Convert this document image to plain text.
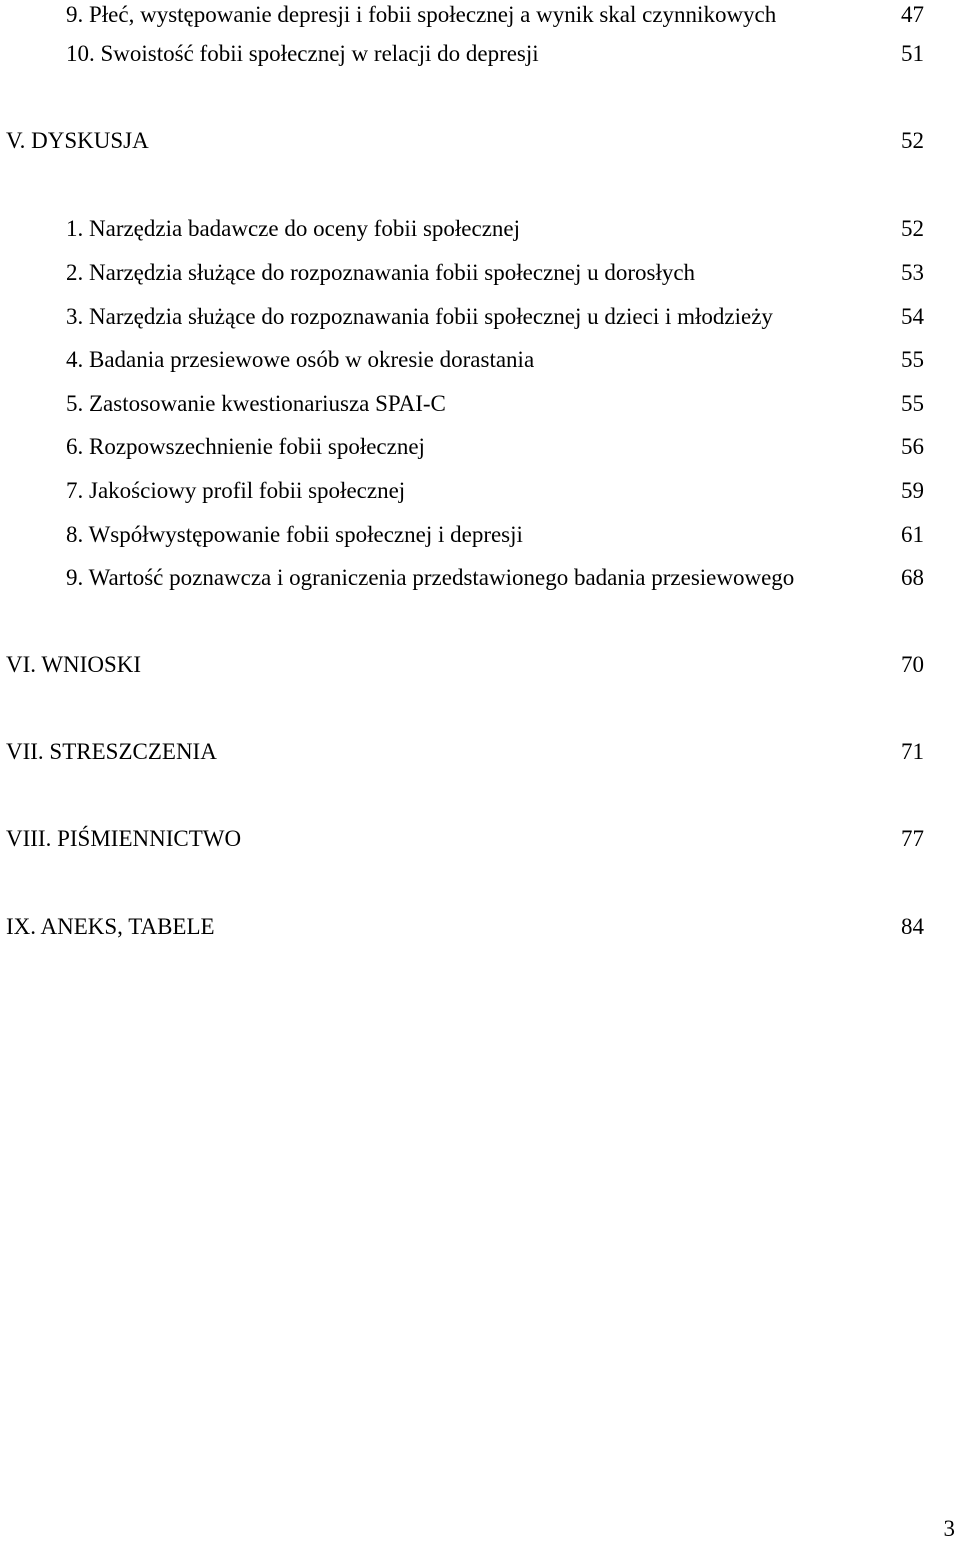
9. Płeć, występowanie depresji i fobii społecznej a wynik skal czynnikowych	47
10. Swoistość fobii społecznej w relacji do depresji	51
V. DYSKUSJA	52
1. Narzędzia badawcze do oceny fobii społecznej	52
2. Narzędzia służące do rozpoznawania fobii społecznej u dorosłych	53
3. Narzędzia służące do rozpoznawania fobii społecznej u dzieci i młodzieży	54
4. Badania przesiewowe osób w okresie dorastania	55
5. Zastosowanie kwestionariusza SPAI-C	55
6. Rozpowszechnienie fobii społecznej	56
7. Jakościowy profil fobii społecznej	59
8. Współwystępowanie fobii społecznej i depresji	61
9. Wartość poznawcza i ograniczenia przedstawionego badania przesiewowego	68
VI. WNIOSKI	70
VII. STRESZCZENIA	71
VIII. PIŚMIENNICTWO	77
IX. ANEKS, TABELE	84
3
